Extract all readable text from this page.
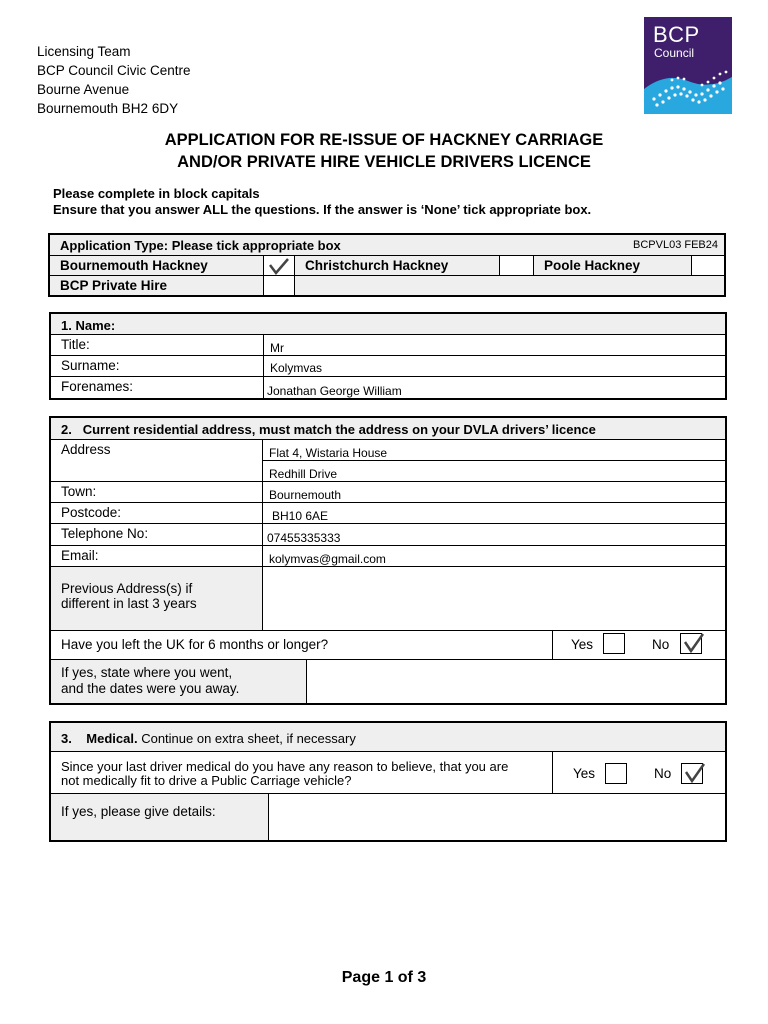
Licensing Team
BCP Council Civic Centre
Bourne Avenue
Bournemouth BH2 6DY
BCP
Council
APPLICATION FOR RE-ISSUE OF HACKNEY CARRIAGE
AND/OR PRIVATE HIRE VEHICLE DRIVERS LICENCE
Please complete in block capitals
Ensure that you answer ALL the questions. If the answer is ‘None’ tick appropriate box.
Application Type: Please tick appropriate box	BCPVL03 FEB24
Bournemouth Hackney	Christchurch Hackney	Poole Hackney
BCP Private Hire
1. Name:
Title:	Mr
Surname:	Kolymvas
Forenames:	Jonathan George William
2. Current residential address, must match the address on your DVLA drivers’ licence
Address	Flat 4, Wistaria House
Redhill Drive
Town:	Bournemouth
Postcode:	BH10 6AE
Telephone No:	07455335333
Email:	kolymvas@gmail.com
Previous Address(s) if
different in last 3 years
Have you left the UK for 6 months or longer?	Yes	No
If yes, state where you went,
and the dates were you away.
3. Medical. Continue on extra sheet, if necessary
Since your last driver medical do you have any reason to believe, that you are
not medically fit to drive a Public Carriage vehicle?	Yes	No
If yes, please give details:
Page 1 of 3
